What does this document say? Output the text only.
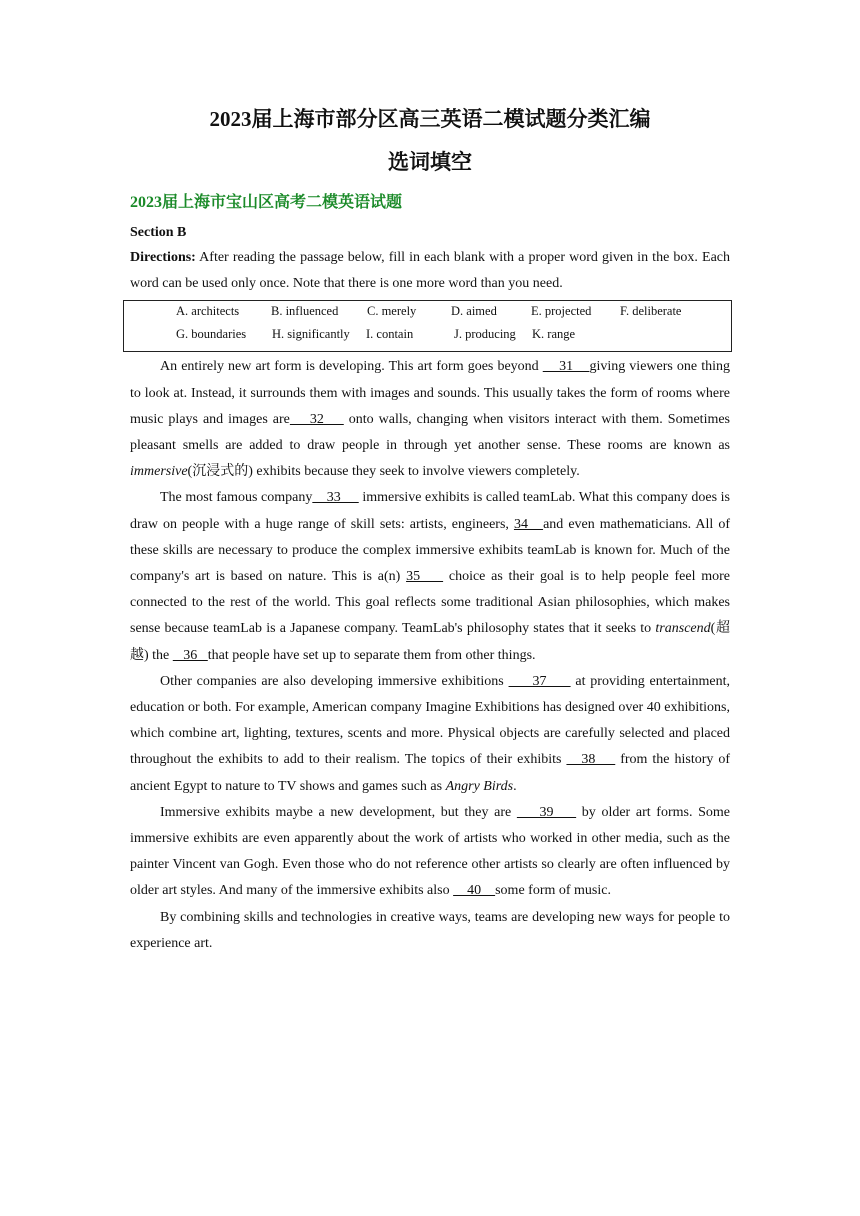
2023届上海市部分区高三英语二模试题分类汇编
选词填空
2023届上海市宝山区高考二模英语试题
Section B

Directions: After reading the passage below, fill in each blank with a proper word given in the box. Each word can be used only once. Note that there is one more word than you need.

A. architects	B. influenced C. merely	D. aimed	E. projected F. deliberate
G. boundaries H. significantly I. contain	J. producing K. range

An entirely new art form is developing. This art form goes beyond     31    giving viewers one thing to look at. Instead, it surrounds them with images and sounds. This usually takes the form of rooms where music plays and images are    32     onto walls, changing when visitors interact with them. Sometimes pleasant smells are added to draw people in through yet another sense. These rooms are known as immersive(沉浸式的) exhibits because they seek to involve viewers completely.

The most famous company    33      immersive exhibits is called teamLab. What this company does is draw on people with a huge range of skill sets: artists, engineers, 34   and even mathematicians. All of these skills are necessary to produce the complex immersive exhibits teamLab is known for. Much of the company's art is based on nature. This is a(n) 35     choice as their goal is to help people feel more connected to the rest of the world. This goal reflects some traditional Asian philosophies, which makes sense because teamLab is a Japanese company. TeamLab's philosophy states that it seeks to transcend(超越) the    36   that people have set up to separate them from other things.

Other companies are also developing immersive exhibitions      37      at providing entertainment, education or both. For example, American company Imagine Exhibitions has designed over 40 exhibitions, which combine art, lighting, textures, scents and more. Physical objects are carefully selected and placed throughout the exhibits to add to their realism. The topics of their exhibits    38     from the history of ancient Egypt to nature to TV shows and games such as Angry Birds.

Immersive exhibits maybe a new development, but they are     39     by older art forms. Some immersive exhibits are even apparently about the work of artists who worked in other media, such as the painter Vincent van Gogh. Even those who do not reference other artists so clearly are often influenced by older art styles. And many of the immersive exhibits also     40    some form of music.

By combining skills and technologies in creative ways, teams are developing new ways for people to experience art.
